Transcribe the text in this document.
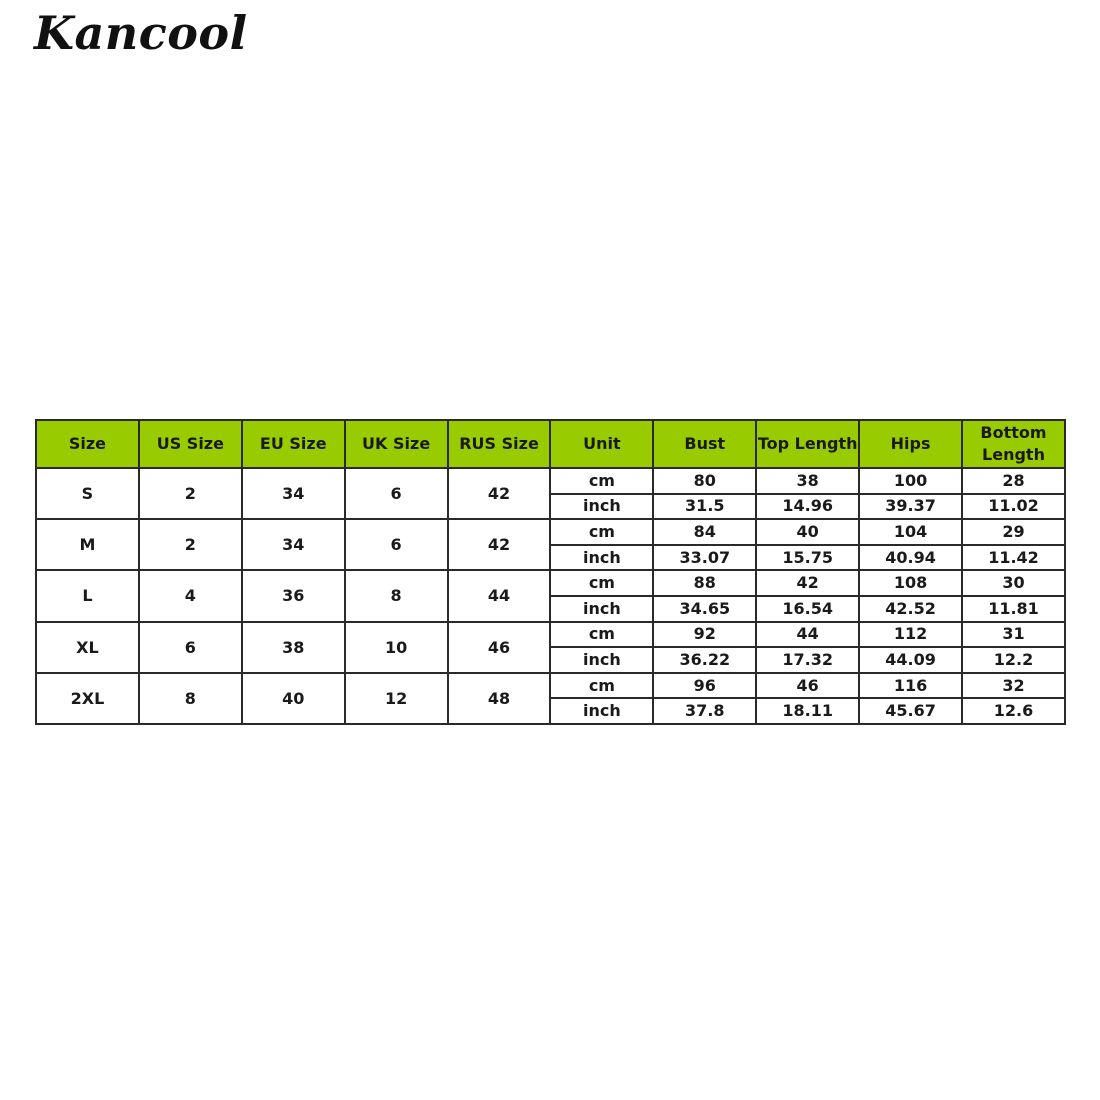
Kancool
Size	US Size	EU Size	UK Size	RUS Size	Unit	Bust	Top Length	Hips	Bottom Length
S	2	34	6	42	cm	80	38	100	28
					inch	31.5	14.96	39.37	11.02
M	2	34	6	42	cm	84	40	104	29
					inch	33.07	15.75	40.94	11.42
L	4	36	8	44	cm	88	42	108	30
					inch	34.65	16.54	42.52	11.81
XL	6	38	10	46	cm	92	44	112	31
					inch	36.22	17.32	44.09	12.2
2XL	8	40	12	48	cm	96	46	116	32
					inch	37.8	18.11	45.67	12.6
